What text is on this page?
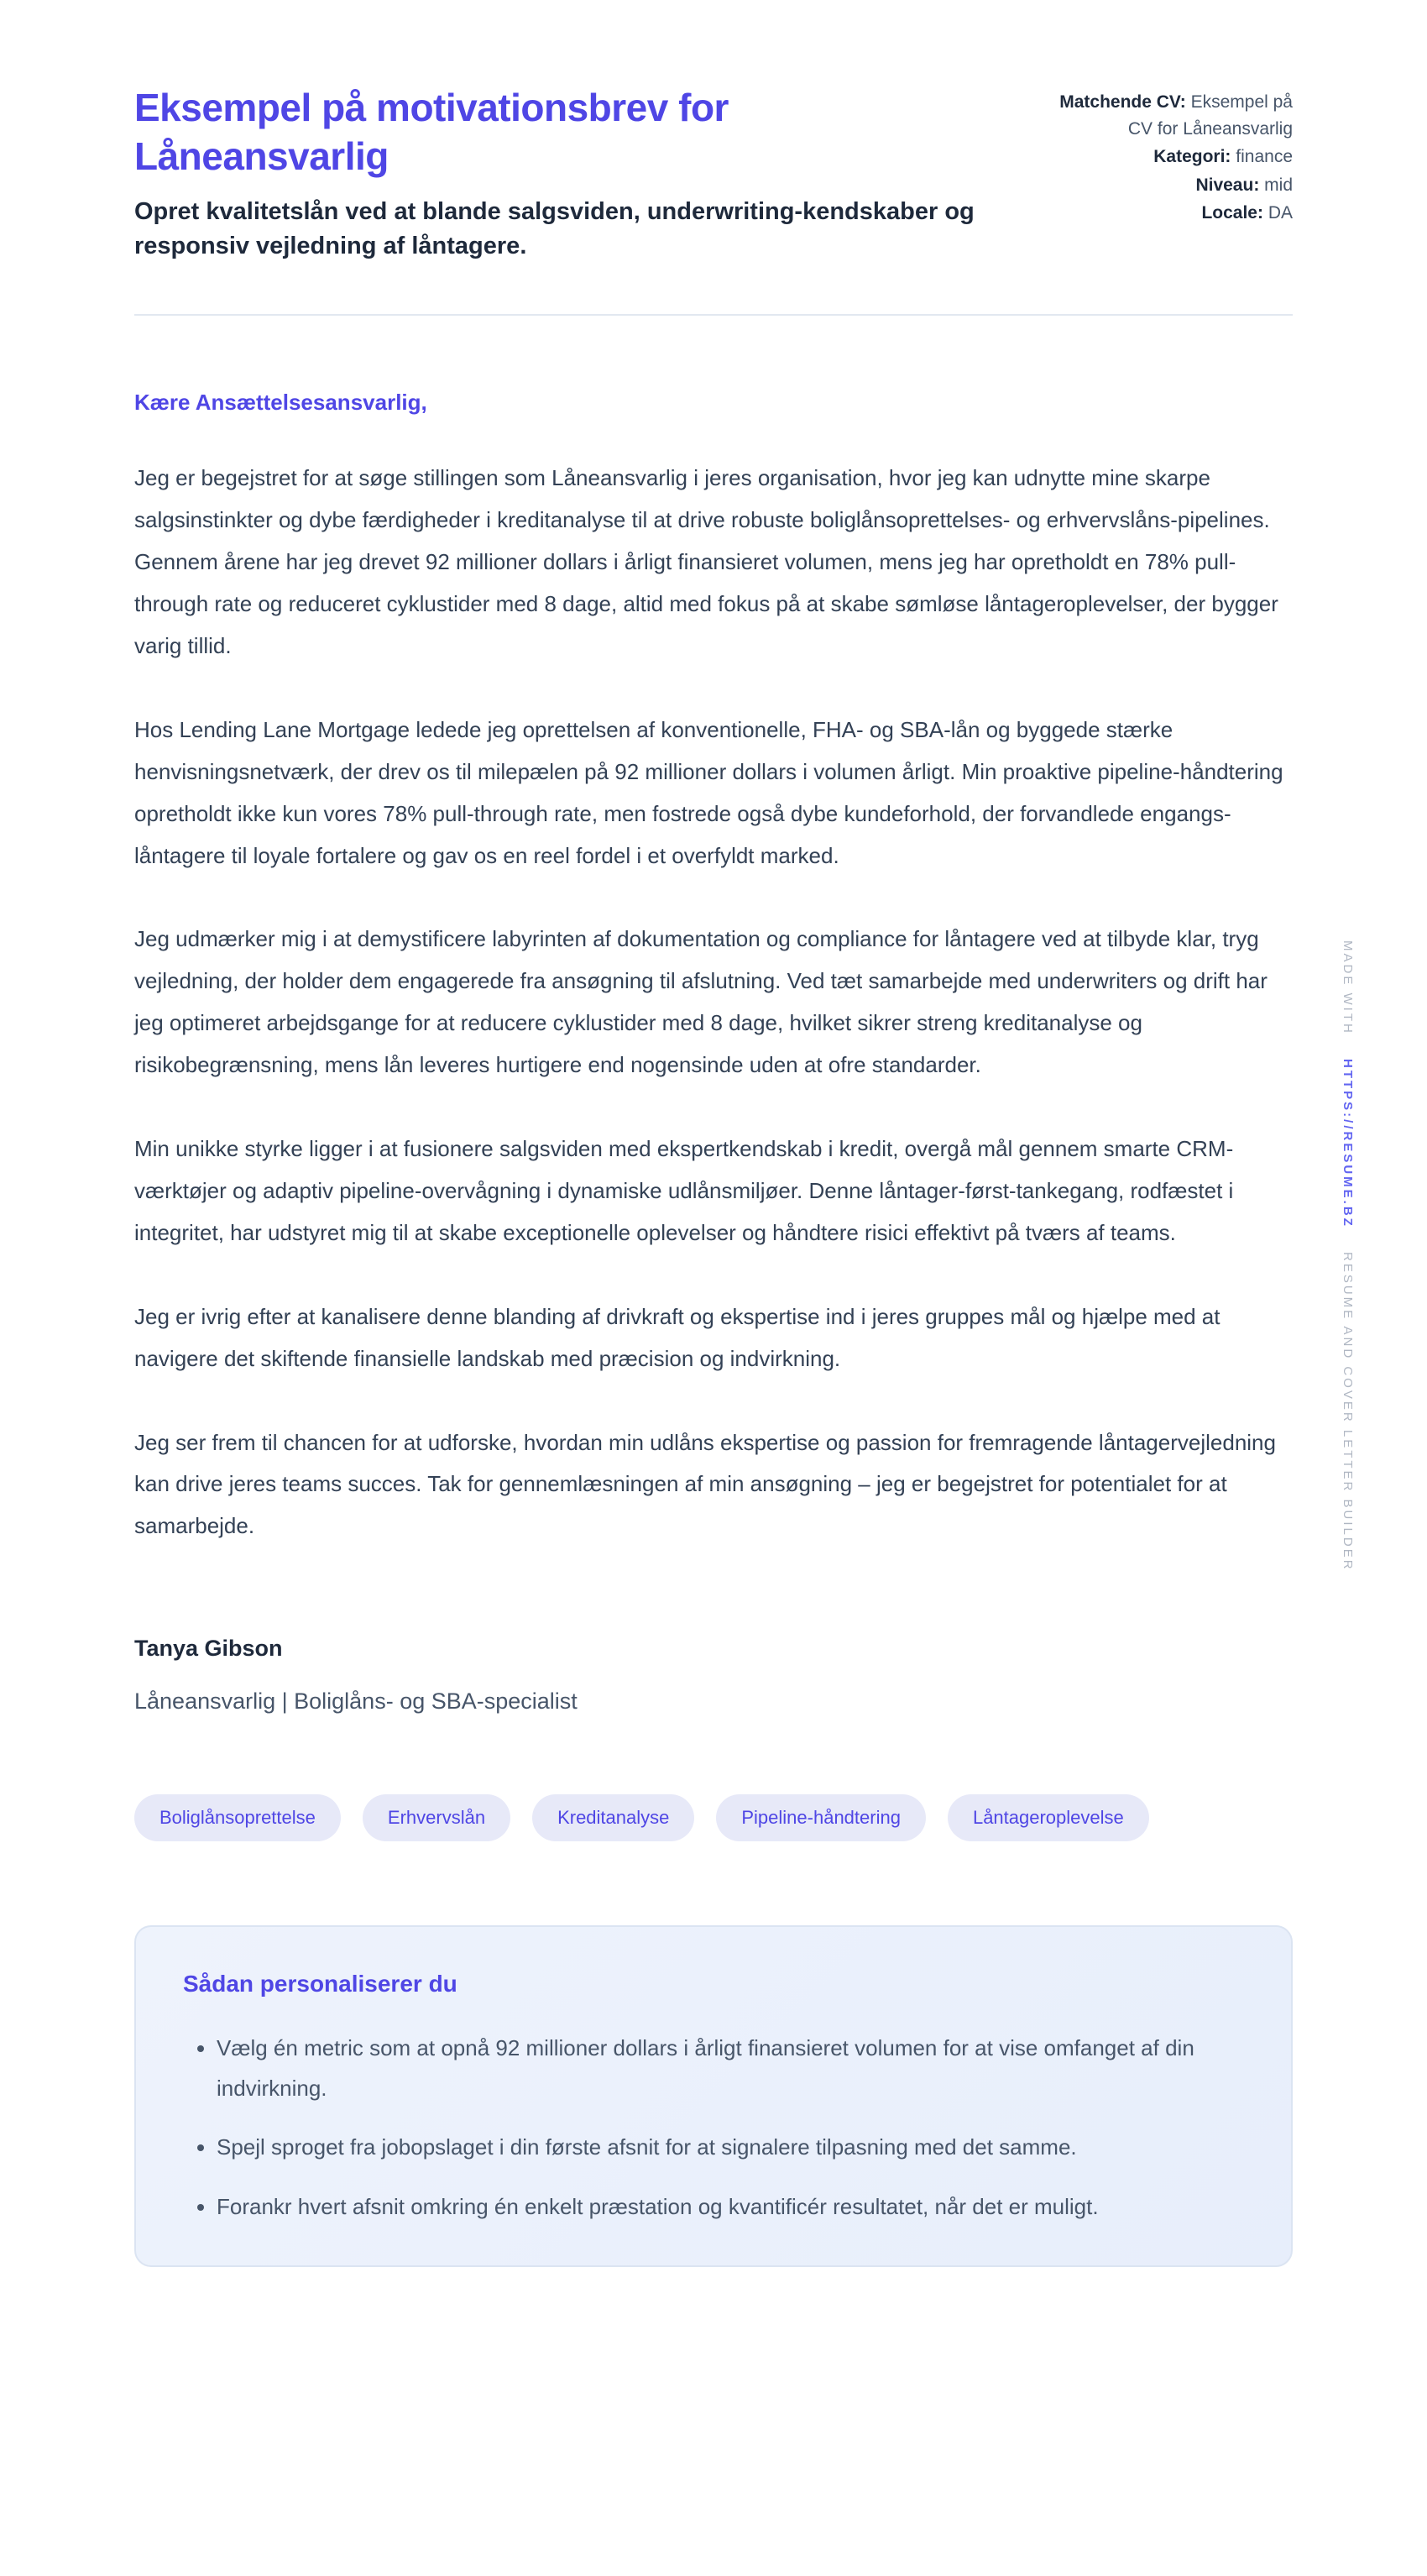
Eksempel på motivationsbrev for Låneansvarlig
Opret kvalitetslån ved at blande salgsviden, underwriting-kendskaber og responsiv vejledning af låntagere.
Matchende CV: Eksempel på CV for Låneansvarlig
Kategori: finance
Niveau: mid
Locale: DA

Kære Ansættelsesansvarlig,

Jeg er begejstret for at søge stillingen som Låneansvarlig i jeres organisation, hvor jeg kan udnytte mine skarpe salgsinstinkter og dybe færdigheder i kreditanalyse til at drive robuste boliglånsoprettelses- og erhvervslåns-pipelines. Gennem årene har jeg drevet 92 millioner dollars i årligt finansieret volumen, mens jeg har opretholdt en 78% pull-through rate og reduceret cyklustider med 8 dage, altid med fokus på at skabe sømløse låntageroplevelser, der bygger varig tillid.

Hos Lending Lane Mortgage ledede jeg oprettelsen af konventionelle, FHA- og SBA-lån og byggede stærke henvisningsnetværk, der drev os til milepælen på 92 millioner dollars i volumen årligt. Min proaktive pipeline-håndtering opretholdt ikke kun vores 78% pull-through rate, men fostrede også dybe kundeforhold, der forvandlede engangs-låntagere til loyale fortalere og gav os en reel fordel i et overfyldt marked.

Jeg udmærker mig i at demystificere labyrinten af dokumentation og compliance for låntagere ved at tilbyde klar, tryg vejledning, der holder dem engagerede fra ansøgning til afslutning. Ved tæt samarbejde med underwriters og drift har jeg optimeret arbejdsgange for at reducere cyklustider med 8 dage, hvilket sikrer streng kreditanalyse og risikobegrænsning, mens lån leveres hurtigere end nogensinde uden at ofre standarder.

Min unikke styrke ligger i at fusionere salgsviden med ekspertkendskab i kredit, overgå mål gennem smarte CRM-værktøjer og adaptiv pipeline-overvågning i dynamiske udlånsmiljøer. Denne låntager-først-tankegang, rodfæstet i integritet, har udstyret mig til at skabe exceptionelle oplevelser og håndtere risici effektivt på tværs af teams.

Jeg er ivrig efter at kanalisere denne blanding af drivkraft og ekspertise ind i jeres gruppes mål og hjælpe med at navigere det skiftende finansielle landskab med præcision og indvirkning.

Jeg ser frem til chancen for at udforske, hvordan min udlåns ekspertise og passion for fremragende låntagervejledning kan drive jeres teams succes. Tak for gennemlæsningen af min ansøgning – jeg er begejstret for potentialet for at samarbejde.

Tanya Gibson
Låneansvarlig | Boliglåns- og SBA-specialist
Boliglånsoprettelse	Erhvervslån	Kreditanalyse	Pipeline-håndtering	Låntageroplevelse
Sådan personaliserer du
• Vælg én metric som at opnå 92 millioner dollars i årligt finansieret volumen for at vise omfanget af din indvirkning.
• Spejl sproget fra jobopslaget i din første afsnit for at signalere tilpasning med det samme.
• Forankr hvert afsnit omkring én enkelt præstation og kvantificér resultatet, når det er muligt.
MADE WITH
HTTPS://RESUME.BZ
RESUME AND COVER LETTER BUILDER
